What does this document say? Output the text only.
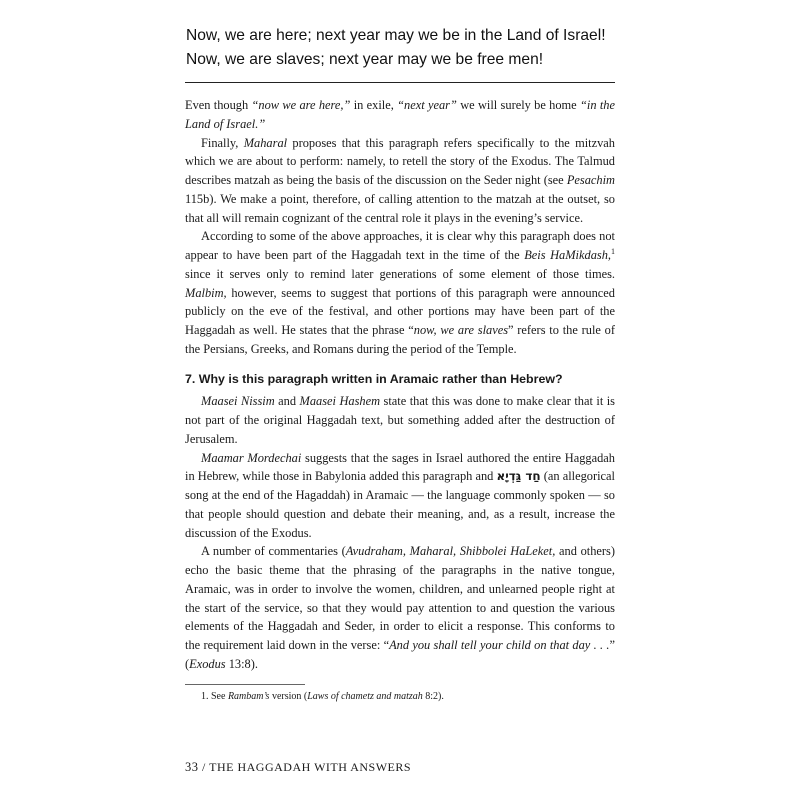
Now, we are here; next year may we be in the Land of Israel!
Now, we are slaves; next year may we be free men!

Even though “now we are here,” in exile, “next year” we will surely be home “in the Land of Israel.”

Finally, Maharal proposes that this paragraph refers specifically to the mitzvah which we are about to perform: namely, to retell the story of the Exodus. The Talmud describes matzah as being the basis of the discussion on the Seder night (see Pesachim 115b). We make a point, therefore, of calling attention to the matzah at the outset, so that all will remain cognizant of the central role it plays in the evening’s service.

According to some of the above approaches, it is clear why this paragraph does not appear to have been part of the Haggadah text in the time of the Beis HaMikdash,$^1$ since it serves only to remind later generations of some element of those times. Malbim, however, seems to suggest that portions of this paragraph were announced publicly on the eve of the festival, and other portions may have been part of the Haggadah as well. He states that the phrase “now, we are slaves” refers to the rule of the Persians, Greeks, and Romans during the period of the Temple.

7. Why is this paragraph written in Aramaic rather than Hebrew?

Maasei Nissim and Maasei Hashem state that this was done to make clear that it is not part of the original Haggadah text, but something added after the destruction of Jerusalem.

Maamar Mordechai suggests that the sages in Israel authored the entire Haggadah in Hebrew, while those in Babylonia added this paragraph and חַד גַּדְיָא (an allegorical song at the end of the Hagaddah) in Aramaic — the language commonly spoken — so that people should question and debate their meaning, and, as a result, increase the discussion of the Exodus.

A number of commentaries (Avudraham, Maharal, Shibbolei HaLeket, and others) echo the basic theme that the phrasing of the paragraphs in the native tongue, Aramaic, was in order to involve the women, children, and unlearned people right at the start of the service, so that they would pay attention to and question the various elements of the Haggadah and Seder, in order to elicit a response. This conforms to the requirement laid down in the verse: “And you shall tell your child on that day . . .” (Exodus 13:8).

1. See Rambam’s version (Laws of chametz and matzah 8:2).

33 / THE HAGGADAH WITH ANSWERS
